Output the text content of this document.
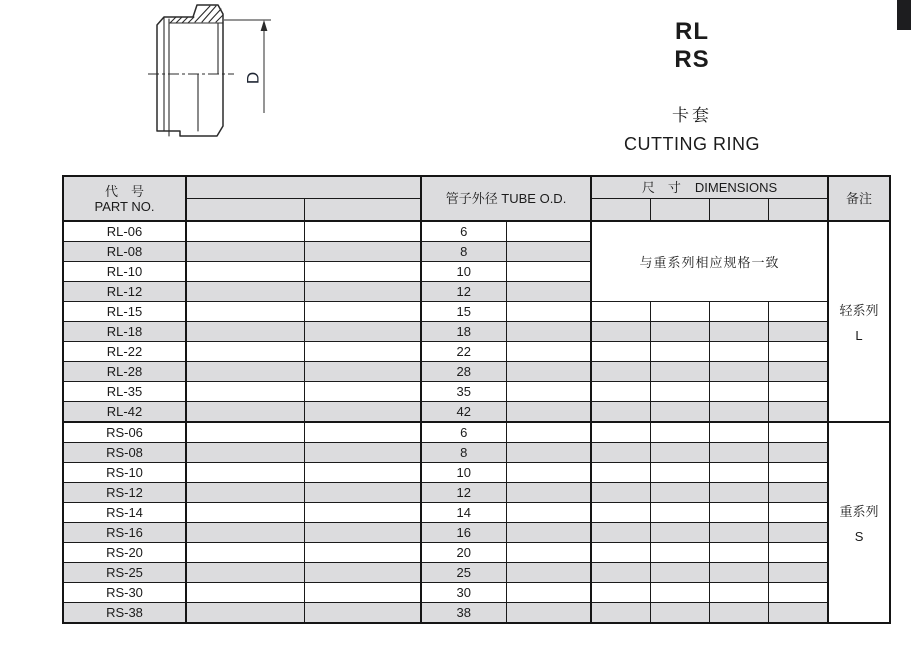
D
RL
RS
卡套
CUTTING RING
代　号
PART NO.			管子外径 TUBE O.D.		尺　寸 DIMENSIONS				备注

RL-06			6		与重系列相应规格一致				轻系列
L

RL-08			8						
RL-10			10						
RL-12			12						
RL-15			15						
RL-18			18						
RL-22			22						
RL-28			28						
RL-35			35						
RL-42			42						
RS-06			6						重系列
S

RS-08			8						
RS-10			10						
RS-12			12						
RS-14			14						
RS-16			16						
RS-20			20						
RS-25			25						
RS-30			30						
RS-38			38						
